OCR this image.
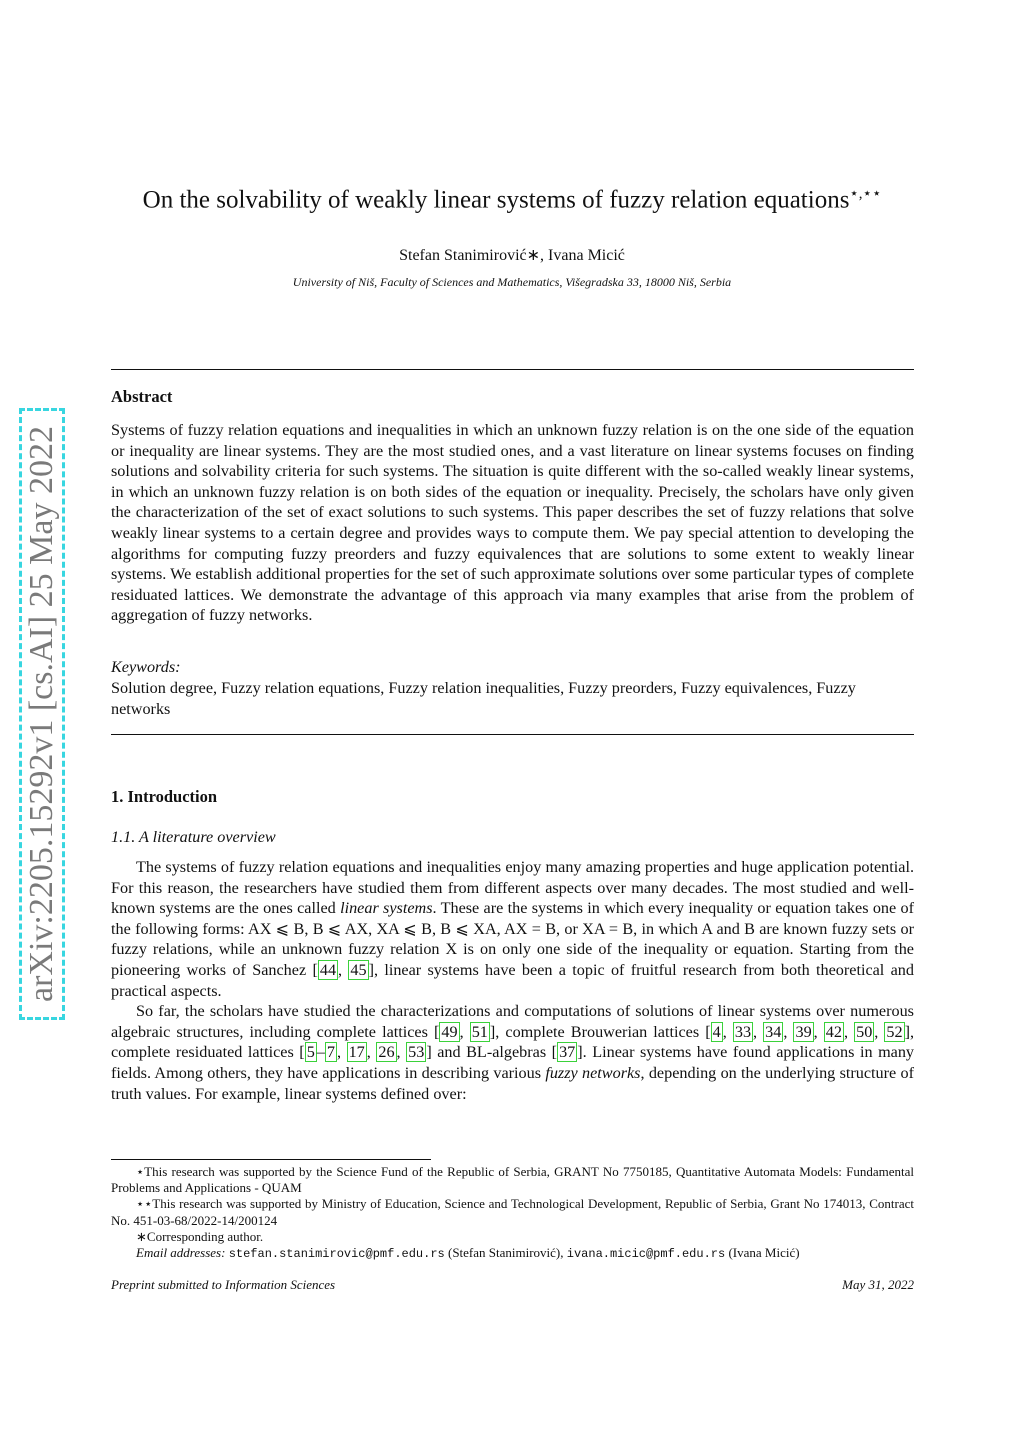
arXiv:2205.15292v1 [cs.AI] 25 May 2022
On the solvability of weakly linear systems of fuzzy relation equations⋆,⋆⋆
Stefan Stanimirović∗, Ivana Micić
University of Niš, Faculty of Sciences and Mathematics, Višegradska 33, 18000 Niš, Serbia
Abstract
Systems of fuzzy relation equations and inequalities in which an unknown fuzzy relation is on the one side of the equation or inequality are linear systems. They are the most studied ones, and a vast literature on linear systems focuses on finding solutions and solvability criteria for such systems. The situation is quite different with the so-called weakly linear systems, in which an unknown fuzzy relation is on both sides of the equation or inequality. Precisely, the scholars have only given the characterization of the set of exact solutions to such systems. This paper describes the set of fuzzy relations that solve weakly linear systems to a certain degree and provides ways to compute them. We pay special attention to developing the algorithms for computing fuzzy preorders and fuzzy equivalences that are solutions to some extent to weakly linear systems. We establish additional properties for the set of such approximate solutions over some particular types of complete residuated lattices. We demonstrate the advantage of this approach via many examples that arise from the problem of aggregation of fuzzy networks.
Keywords:
Solution degree, Fuzzy relation equations, Fuzzy relation inequalities, Fuzzy preorders, Fuzzy equivalences, Fuzzy networks
1. Introduction
1.1. A literature overview

The systems of fuzzy relation equations and inequalities enjoy many amazing properties and huge application potential. For this reason, the researchers have studied them from different aspects over many decades. The most studied and well-known systems are the ones called linear systems. These are the systems in which every inequality or equation takes one of the following forms: AX ⩽ B, B ⩽ AX, XA ⩽ B, B ⩽ XA, AX = B, or XA = B, in which A and B are known fuzzy sets or fuzzy relations, while an unknown fuzzy relation X is on only one side of the inequality or equation. Starting from the pioneering works of Sanchez [ 44 , 45 ], linear systems have been a topic of fruitful research from both theoretical and practical aspects.

So far, the scholars have studied the characterizations and computations of solutions of linear systems over numerous algebraic structures, including complete lattices [ 49 , 51 ], complete Brouwerian lattices [ 4 , 33 , 34 , 39 , 42 , 50 , 52 ], complete residuated lattices [ 5 – 7 , 17 , 26 , 53 ] and BL-algebras [ 37 ]. Linear systems have found applications in many fields. Among others, they have applications in describing various fuzzy networks, depending on the underlying structure of truth values. For example, linear systems defined over:

⋆This research was supported by the Science Fund of the Republic of Serbia, GRANT No 7750185, Quantitative Automata Models: Fundamental Problems and Applications - QUAM
⋆⋆This research was supported by Ministry of Education, Science and Technological Development, Republic of Serbia, Grant No 174013, Contract No. 451-03-68/2022-14/200124
∗Corresponding author.
Email addresses: stefan.stanimirovic@pmf.edu.rs (Stefan Stanimirović), ivana.micic@pmf.edu.rs (Ivana Micić)
Preprint submitted to Information Sciences	May 31, 2022
